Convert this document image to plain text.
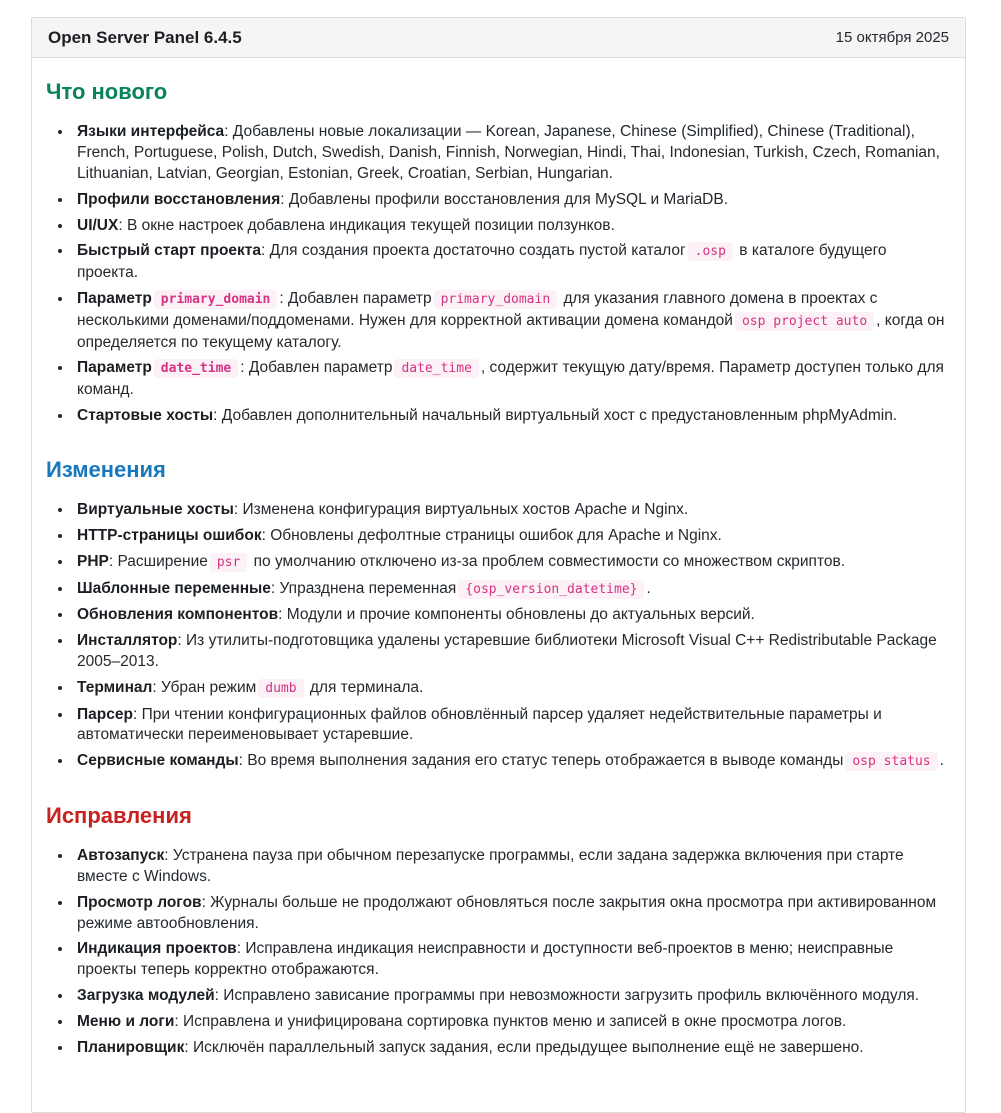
Open Server Panel 6.4.5	15 октября 2025
Что нового
• Языки интерфейса: Добавлены новые локализации — Korean, Japanese, Chinese (Simplified), Chinese (Traditional), French, Portuguese, Polish, Dutch, Swedish, Danish, Finnish, Norwegian, Hindi, Thai, Indonesian, Turkish, Czech, Romanian, Lithuanian, Latvian, Georgian, Estonian, Greek, Croatian, Serbian, Hungarian.
• Профили восстановления: Добавлены профили восстановления для MySQL и MariaDB.
• UI/UX: В окне настроек добавлена индикация текущей позиции ползунков.
• Быстрый старт проекта: Для создания проекта достаточно создать пустой каталог .osp в каталоге будущего проекта.
• Параметр primary_domain : Добавлен параметр primary_domain для указания главного домена в проектах с несколькими доменами/поддоменами. Нужен для корректной активации домена командой osp project auto , когда он определяется по текущему каталогу.
• Параметр date_time : Добавлен параметр date_time , содержит текущую дату/время. Параметр доступен только для команд.
• Стартовые хосты: Добавлен дополнительный начальный виртуальный хост с предустановленным phpMyAdmin.
Изменения
• Виртуальные хосты: Изменена конфигурация виртуальных хостов Apache и Nginx.
• HTTP-страницы ошибок: Обновлены дефолтные страницы ошибок для Apache и Nginx.
• PHP: Расширение psr по умолчанию отключено из-за проблем совместимости со множеством скриптов.
• Шаблонные переменные: Упразднена переменная {osp_version_datetime} .
• Обновления компонентов: Модули и прочие компоненты обновлены до актуальных версий.
• Инсталлятор: Из утилиты-подготовщика удалены устаревшие библиотеки Microsoft Visual C++ Redistributable Package 2005–2013.
• Терминал: Убран режим dumb для терминала.
• Парсер: При чтении конфигурационных файлов обновлённый парсер удаляет недействительные параметры и автоматически переименовывает устаревшие.
• Сервисные команды: Во время выполнения задания его статус теперь отображается в выводе команды osp status .
Исправления
• Автозапуск: Устранена пауза при обычном перезапуске программы, если задана задержка включения при старте вместе с Windows.
• Просмотр логов: Журналы больше не продолжают обновляться после закрытия окна просмотра при активированном режиме автообновления.
• Индикация проектов: Исправлена индикация неисправности и доступности веб-проектов в меню; неисправные проекты теперь корректно отображаются.
• Загрузка модулей: Исправлено зависание программы при невозможности загрузить профиль включённого модуля.
• Меню и логи: Исправлена и унифицирована сортировка пунктов меню и записей в окне просмотра логов.
• Планировщик: Исключён параллельный запуск задания, если предыдущее выполнение ещё не завершено.
